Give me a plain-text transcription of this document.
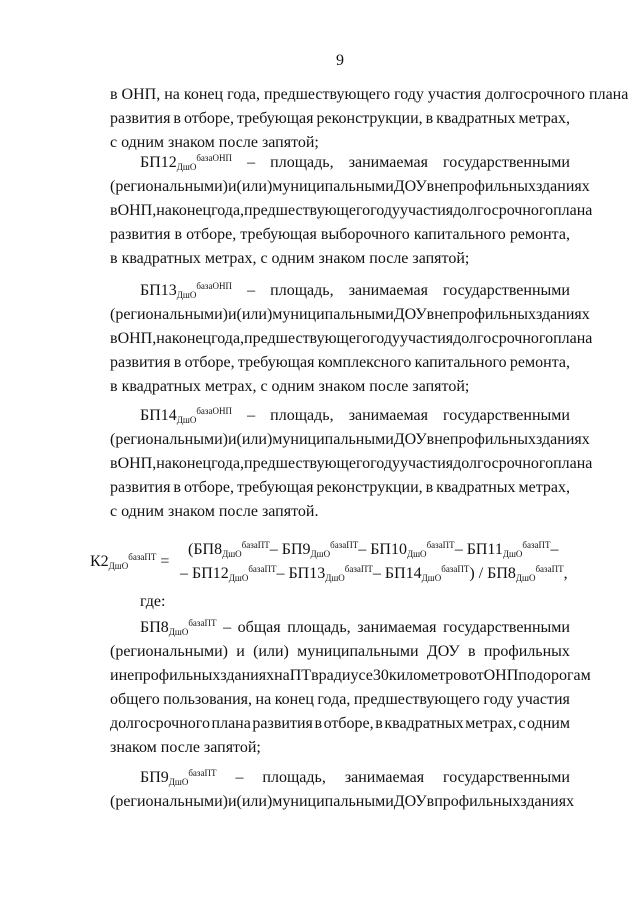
9
в ОНП, на конец года, предшествующего году участия долгосрочного плана
развития в отборе, требующая реконструкции, в квадратных метрах,
с одним знаком после запятой;
$БП12_{ДшО}^{базаОНП}$ – площадь, занимаемая государственными
(региональными) и (или) муниципальными ДОУ в непрофильных зданиях
в ОНП, на конец года, предшествующего году участия долгосрочного плана
развития в отборе, требующая выборочного капитального ремонта,
в квадратных метрах, с одним знаком после запятой;
$БП13_{ДшО}^{базаОНП}$ – площадь, занимаемая государственными
(региональными) и (или) муниципальными ДОУ в непрофильных зданиях
в ОНП, на конец года, предшествующего году участия долгосрочного плана
развития в отборе, требующая комплексного капитального ремонта,
в квадратных метрах, с одним знаком после запятой;
$БП14_{ДшО}^{базаОНП}$ – площадь, занимаемая государственными
(региональными) и (или) муниципальными ДОУ в непрофильных зданиях
в ОНП, на конец года, предшествующего году участия долгосрочного плана
развития в отборе, требующая реконструкции, в квадратных метрах,
с одним знаком после запятой.
$К2_{ДшО}^{базаПТ}$ =
($БП8_{ДшО}^{базаПТ}-$ $БП9_{ДшО}^{базаПТ}-$ $БП10_{ДшО}^{базаПТ}-$ $БП11_{ДшО}^{базаПТ}-$
– $БП12_{ДшО}^{базаПТ}-$ $БП13_{ДшО}^{базаПТ}-$ $БП14_{ДшО}^{базаПТ}) / БП8_{ДшО}^{базаПТ}$,
где:
$БП8_{ДшО}^{базаПТ}$ – общая площадь, занимаемая государственными
(региональными) и (или) муниципальными ДОУ в профильных
и непрофильных зданиях на ПТ в радиусе 30 километров от ОНП по дорогам
общего пользования, на конец года, предшествующего году участия
долгосрочного плана развития в отборе, в квадратных метрах, с одним
знаком после запятой;
$БП9_{ДшО}^{базаПТ}$ – площадь, занимаемая государственными
(региональными) и (или) муниципальными ДОУ в профильных зданиях
